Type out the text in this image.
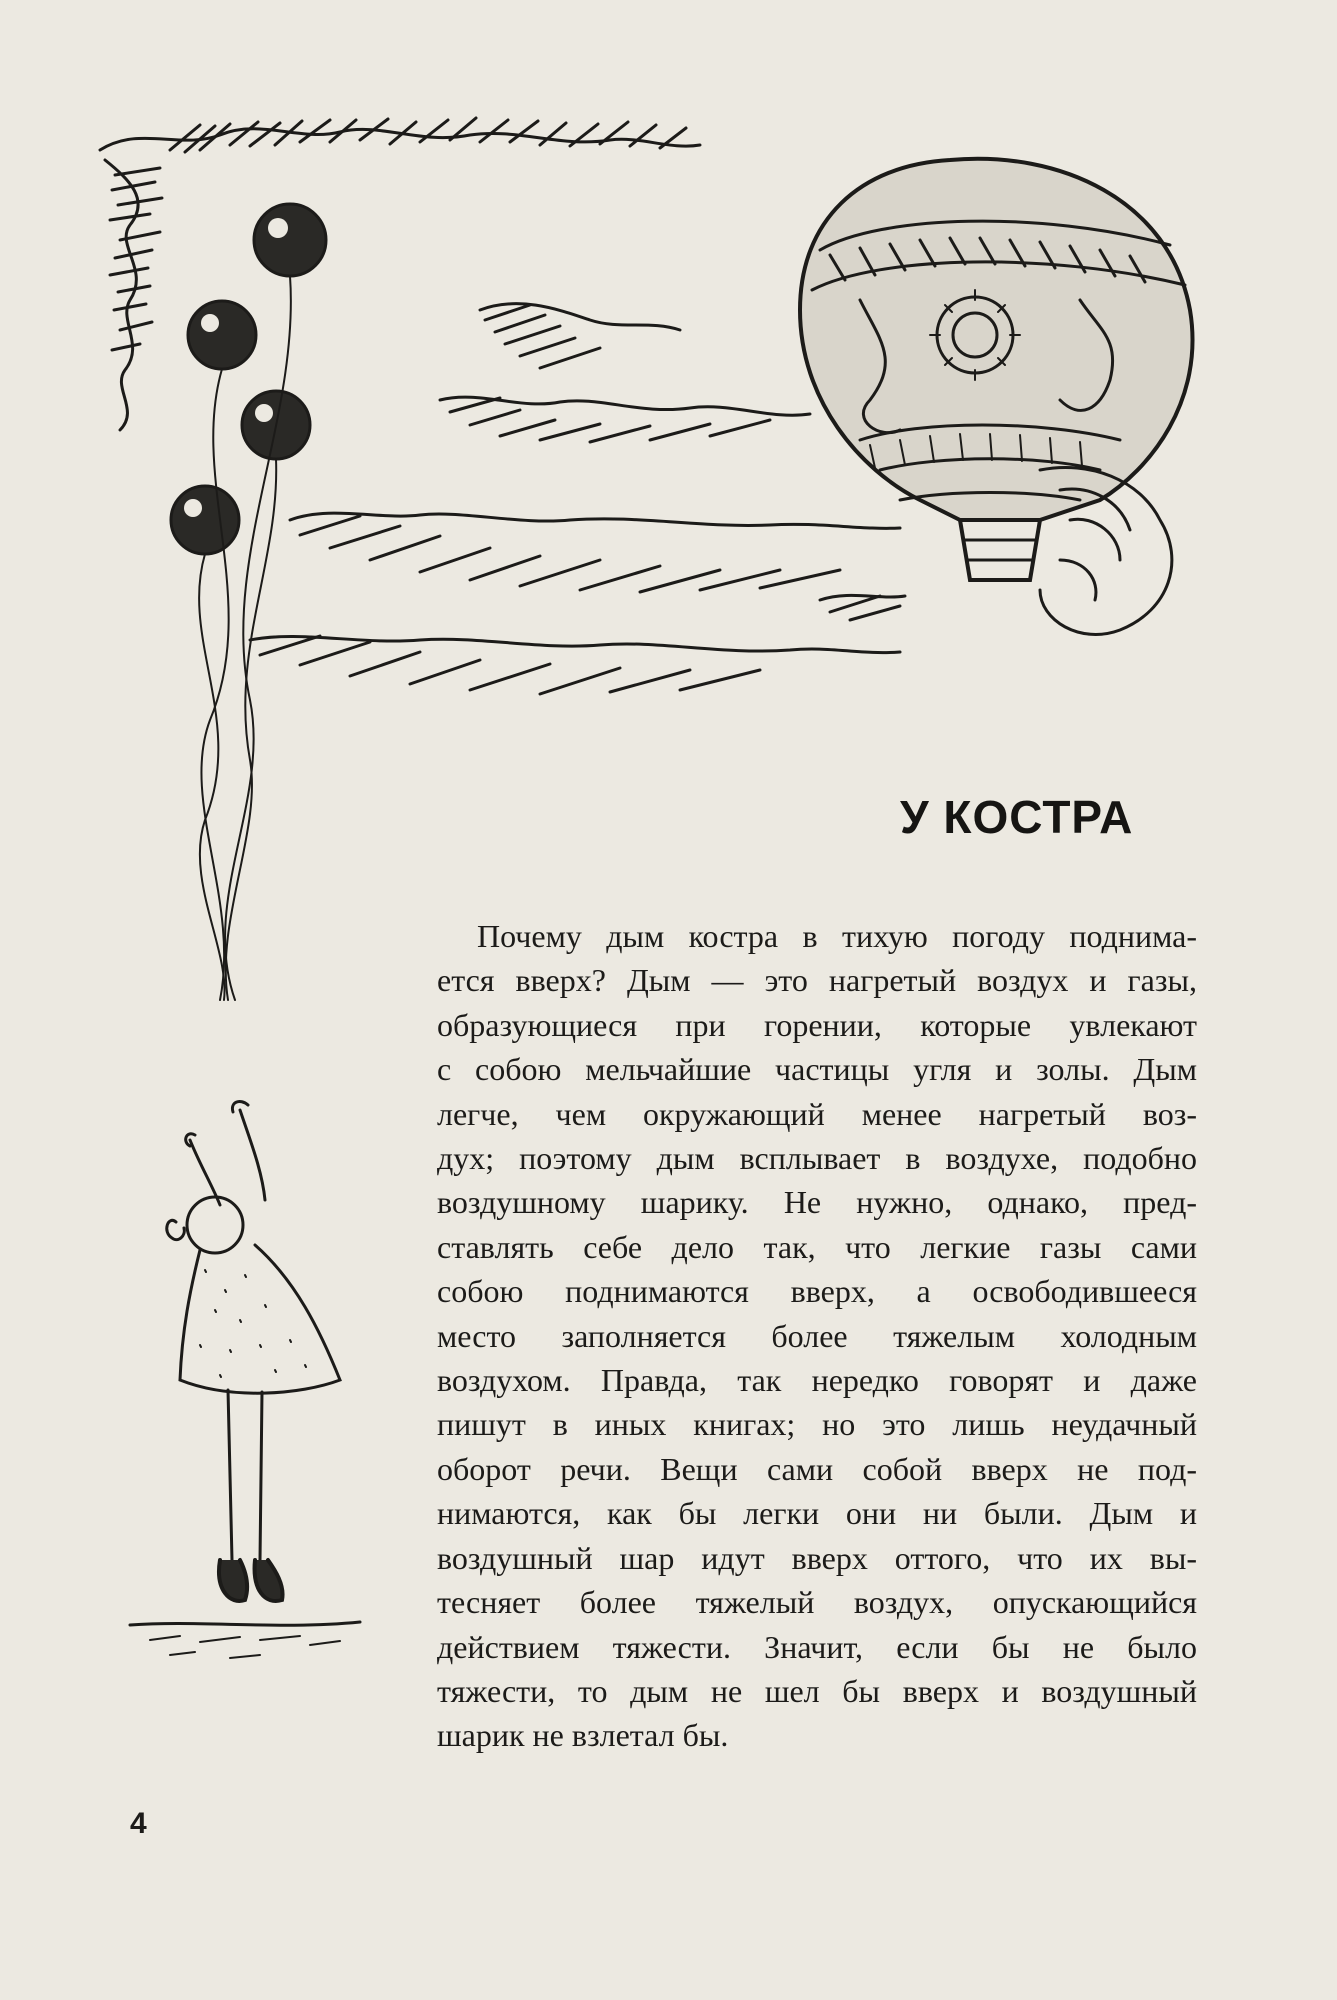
У КОСТРА

Почему дым костра в тихую погоду поднима-
ется вверх? Дым — это нагретый воздух и газы,
образующиеся при горении, которые увлекают
с собою мельчайшие частицы угля и золы. Дым
легче, чем окружающий менее нагретый воз-
дух; поэтому дым всплывает в воздухе, подобно
воздушному шарику. Не нужно, однако, пред-
ставлять себе дело так, что легкие газы сами
собою поднимаются вверх, а освободившееся
место заполняется более тяжелым холодным
воздухом. Правда, так нередко говорят и даже
пишут в иных книгах; но это лишь неудачный
оборот речи. Вещи сами собой вверх не под-
нимаются, как бы легки они ни были. Дым и
воздушный шар идут вверх оттого, что их вы-
тесняет более тяжелый воздух, опускающийся
действием тяжести. Значит, если бы не было
тяжести, то дым не шел бы вверх и воздушный
шарик не взлетал бы.

4
